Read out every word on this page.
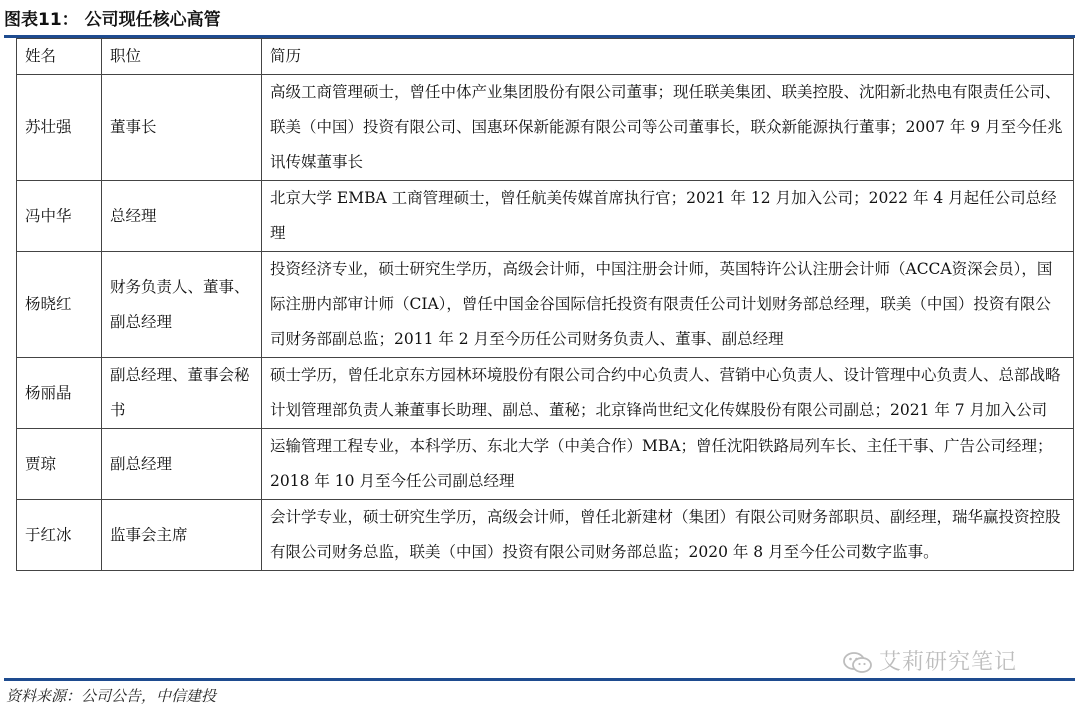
图表11： 公司现任核心高管
姓名	职位	简历
苏壮强	董事长	高级工商管理硕士，曾任中体产业集团股份有限公司董事；现任联美集团、联美控股、沈阳新北热电有限责任公司、联美（中国）投资有限公司、国惠环保新能源有限公司等公司董事长，联众新能源执行董事；2007 年 9 月至今任兆讯传媒董事长
冯中华	总经理	北京大学 EMBA 工商管理硕士，曾任航美传媒首席执行官；2021 年 12 月加入公司；2022 年 4 月起任公司总经理
杨晓红	财务负责人、董事、副总经理	投资经济专业，硕士研究生学历，高级会计师，中国注册会计师，英国特许公认注册会计师（ACCA资深会员），国际注册内部审计师（CIA），曾任中国金谷国际信托投资有限责任公司计划财务部总经理，联美（中国）投资有限公司财务部副总监；2011 年 2 月至今历任公司财务负责人、董事、副总经理
杨丽晶	副总经理、董事会秘书	硕士学历，曾任北京东方园林环境股份有限公司合约中心负责人、营销中心负责人、设计管理中心负责人、总部战略计划管理部负责人兼董事长助理、副总、董秘；北京锋尚世纪文化传媒股份有限公司副总；2021 年 7 月加入公司
贾琼	副总经理	运输管理工程专业，本科学历、东北大学（中美合作）MBA；曾任沈阳铁路局列车长、主任干事、广告公司经理；2018 年 10 月至今任公司副总经理
于红冰	监事会主席	会计学专业，硕士研究生学历，高级会计师，曾任北新建材（集团）有限公司财务部职员、副经理，瑞华赢投资控股有限公司财务总监，联美（中国）投资有限公司财务部总监；2020 年 8 月至今任公司数字监事。
艾莉研究笔记
资料来源：公司公告，中信建投
